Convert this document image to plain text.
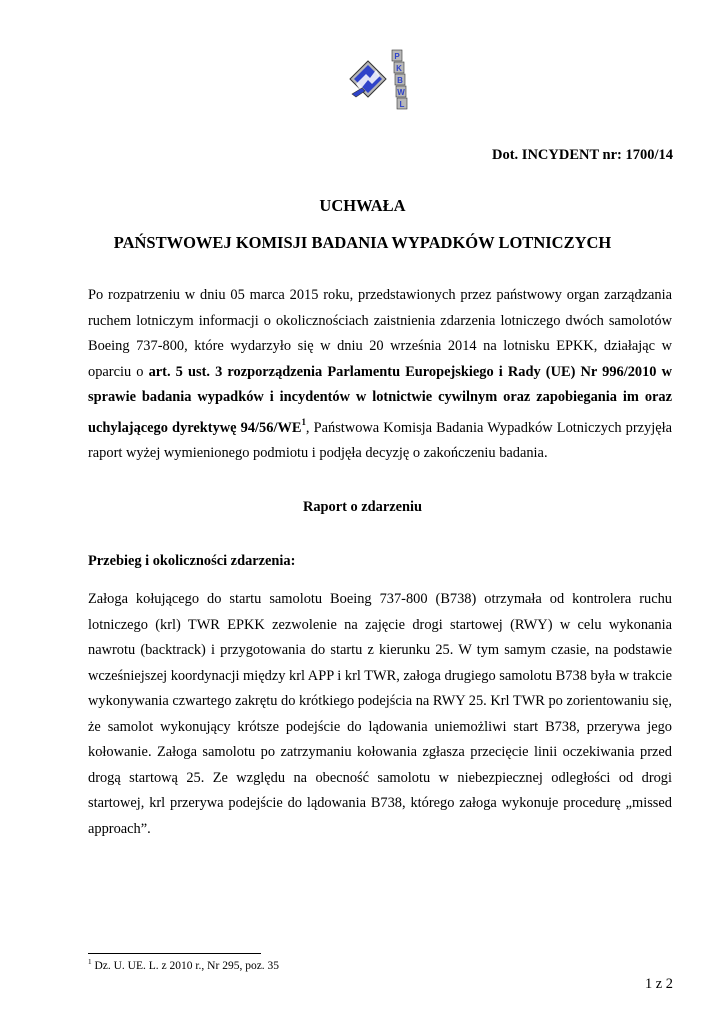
P
K
B
W
L
Dot. INCYDENT nr: 1700/14
UCHWAŁA
PAŃSTWOWEJ KOMISJI BADANIA WYPADKÓW LOTNICZYCH

Po rozpatrzeniu w dniu 05 marca 2015 roku, przedstawionych przez państwowy organ zarządzania ruchem lotniczym informacji o okolicznościach zaistnienia zdarzenia lotniczego dwóch samolotów Boeing 737-800, które wydarzyło się w dniu 20 września 2014 na lotnisku EPKK, działając w oparciu o art. 5 ust. 3 rozporządzenia Parlamentu Europejskiego i Rady (UE) Nr 996/2010 w sprawie badania wypadków i incydentów w lotnictwie cywilnym oraz zapobiegania im oraz uchylającego dyrektywę $94/56/WE^1$, Państwowa Komisja Badania Wypadków Lotniczych przyjęła raport wyżej wymienionego podmiotu i podjęła decyzję o zakończeniu badania.

Raport o zdarzeniu
Przebieg i okoliczności zdarzenia:

Załoga kołującego do startu samolotu Boeing 737-800 (B738) otrzymała od kontrolera ruchu lotniczego (krl) TWR EPKK zezwolenie na zajęcie drogi startowej (RWY) w celu wykonania nawrotu (backtrack) i przygotowania do startu z kierunku 25. W tym samym czasie, na podstawie wcześniejszej koordynacji między krl APP i krl TWR, załoga drugiego samolotu B738 była w trakcie wykonywania czwartego zakrętu do krótkiego podejścia na RWY 25. Krl TWR po zorientowaniu się, że samolot wykonujący krótsze podejście do lądowania uniemożliwi start B738, przerywa jego kołowanie. Załoga samolotu po zatrzymaniu kołowania zgłasza przecięcie linii oczekiwania przed drogą startową 25. Ze względu na obecność samolotu w niebezpiecznej odległości od drogi startowej, krl przerywa podejście do lądowania B738, którego załoga wykonuje procedurę „missed approach”.

$^1$ Dz. U. UE. L. z 2010 r., Nr 295, poz. 35
1 z 2
